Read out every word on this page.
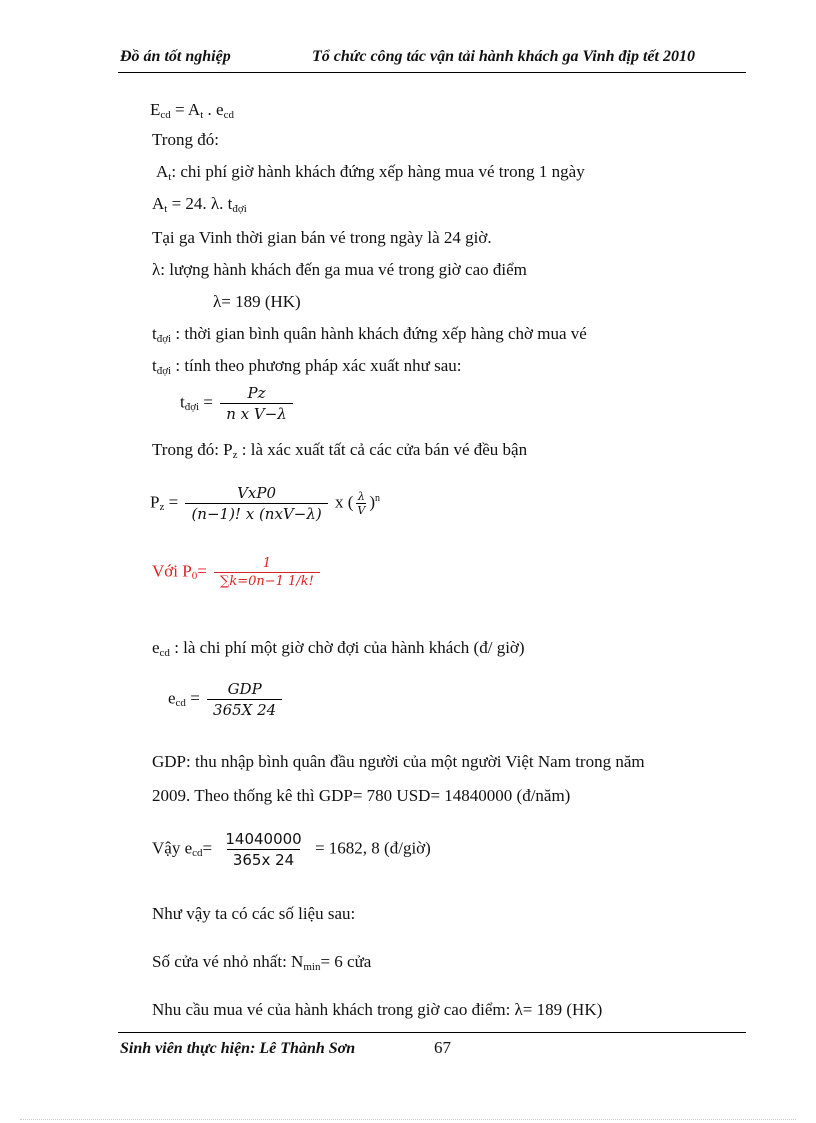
Đồ án tốt nghiệp	Tổ chức công tác vận tải hành khách ga Vinh địp tết 2010
Ecd = At . ecd
Trong đó:
At: chi phí giờ hành khách đứng xếp hàng mua vé trong 1 ngày
At = 24. λ. tđợi
Tại ga Vinh thời gian bán vé trong ngày là 24 giờ.
λ: lượng hành khách đến ga mua vé trong giờ cao điểm
λ= 189 (HK)
tđợi : thời gian bình quân hành khách đứng xếp hàng chờ mua vé
tđợi : tính theo phương pháp xác xuất như sau:
tđợi = $\frac{Pz}{\text{n x V−λ}}$
Trong đó: Pz : là xác xuất tất cả các cửa bán vé đều bận
$Pz = \frac{\text{VxP0}}{\text{(n−1)! x (nxV−λ)}}$ x ( $\frac{\lambda}{V} )^n$
Với $P0= \frac{1}{\sum k=0n-1 1/k!}$
ecd : là chi phí một giờ chờ đợi của hành khách (đ/ giờ)
ecd = $\frac{\text{GDP}}{365X 24}$
GDP: thu nhập bình quân đầu người của một người Việt Nam trong năm
2009. Theo thống kê thì GDP= 780 USD= 14840000 (đ/năm)
Vậy $ecd= \frac{14040000}{365x 24} = 1682$, 8 (đ/giờ)
Như vậy ta có các số liệu sau:
Số cửa vé nhỏ nhất: Nmin= 6 cửa
Nhu cầu mua vé của hành khách trong giờ cao điểm: λ= 189 (HK)
Sinh viên thực hiện: Lê Thành Sơn	67
